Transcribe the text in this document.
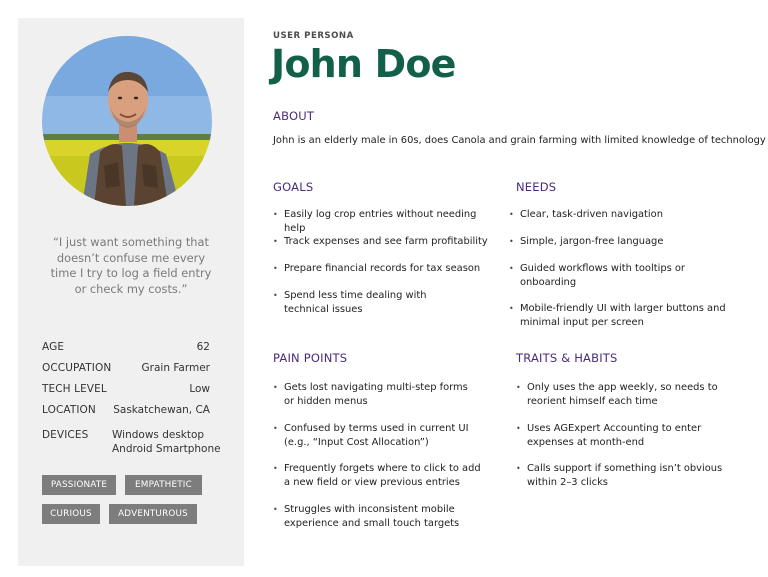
“I just want something that doesn’t confuse me every time I try to log a field entry or check my costs.”
AGE	62
OCCUPATION	Grain Farmer
TECH LEVEL	Low
LOCATION Saskatchewan, CA
DEVICES Windows desktop
Android Smartphone
PASSIONATE	EMPATHETIC
CURIOUS	ADVENTUROUS
USER PERSONA
John Doe
ABOUT
John is an elderly male in 60s, does Canola and grain farming with limited knowledge of technology
GOALS
• Easily log crop entries without needing help
• Track expenses and see farm profitability
• Prepare financial records for tax season
• Spend less time dealing with technical issues
NEEDS
• Clear, task-driven navigation
• Simple, jargon-free language
• Guided workflows with tooltips or onboarding
• Mobile-friendly UI with larger buttons and minimal input per screen
PAIN POINTS
• Gets lost navigating multi-step forms or hidden menus
• Confused by terms used in current UI (e.g., “Input Cost Allocation”)
• Frequently forgets where to click to add a new field or view previous entries
• Struggles with inconsistent mobile experience and small touch targets
TRAITS & HABITS
• Only uses the app weekly, so needs to reorient himself each time
• Uses AGExpert Accounting to enter expenses at month-end
• Calls support if something isn’t obvious within 2–3 clicks
